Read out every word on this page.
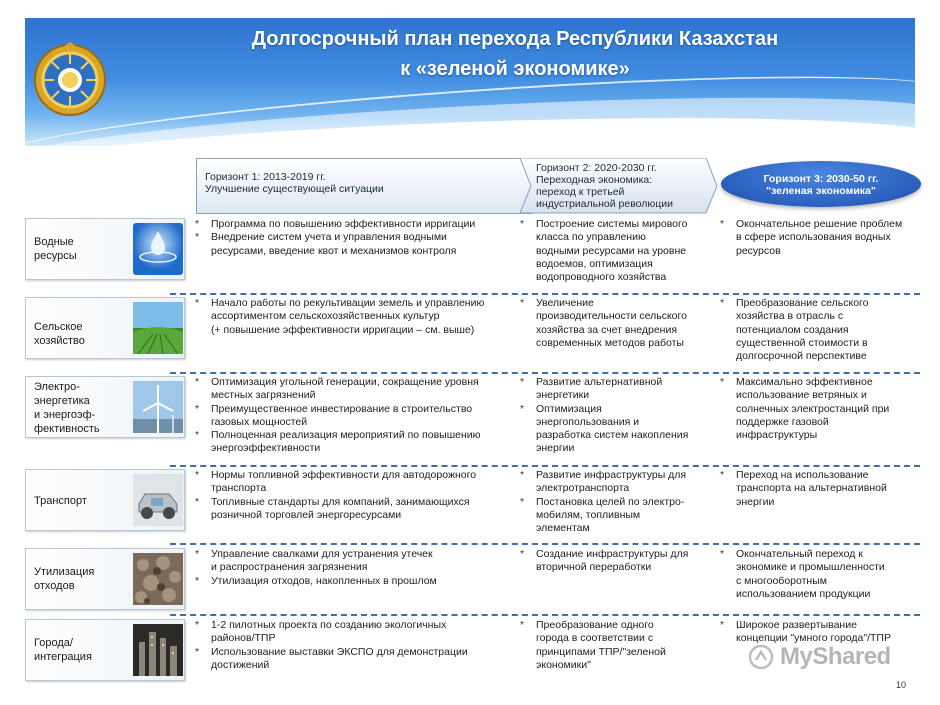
Долгосрочный план перехода Республики Казахстан
к «зеленой экономике»
Горизонт 1: 2013-2019 гг.
Улучшение существующей ситуации
Горизонт 2: 2020-2030 гг.
Переходная экономика:
переход к третьей
индустриальной революции
Горизонт 3: 2030-50 гг.
"зеленая экономика"
Водные
ресурсы
* Программа по повышению эффективности ирригации
* Внедрение систем учета и управления водными
ресурсами, введение квот и механизмов контроля
* Построение системы мирового
класса по управлению
водными ресурсами на уровне
водоемов, оптимизация
водопроводного хозяйства
* Окончательное решение проблем
в сфере использования водных
ресурсов
Сельское
хозяйство
* Начало работы по рекультивации земель и управлению
ассортиментом сельскохозяйственных культур
(+ повышение эффективности ирригации – см. выше)
* Увеличение
производительности сельского
хозяйства за счет внедрения
современных методов работы
* Преобразование сельского
хозяйства в отрасль с
потенциалом создания
существенной стоимости в
долгосрочной перспективе
Электро-
энергетика
и энергоэф-
фективность
* Оптимизация угольной генерации, сокращение уровня
местных загрязнений
* Преимущественное инвестирование в строительство
газовых мощностей
* Полноценная реализация мероприятий по повышению
энергоэффективности
* Развитие альтернативной
энергетики
* Оптимизация
энергопользования и
разработка систем накопления
энергии
* Максимально эффективное
использование ветряных и
солнечных электростанций при
поддержке газовой
инфраструктуры
Транспорт
* Нормы топливной эффективности для автодорожного
транспорта
* Топливные стандарты для компаний, занимающихся
розничной торговлей энергоресурсами
* Развитие инфраструктуры для
электротранспорта
* Постановка целей по электро-
мобилям, топливным
элементам
* Переход на использование
транспорта на альтернативной
энергии
Утилизация
отходов
* Управление свалками для устранения утечек
и распространения загрязнения
* Утилизация отходов, накопленных в прошлом
* Создание инфраструктуры для
вторичной переработки
* Окончательный переход к
экономике и промышленности
с многооборотным
использованием продукции
Города/
интеграция
* 1-2 пилотных проекта по созданию экологичных
районов/ТПР
* Использование выставки ЭКСПО для демонстрации
достижений
* Преобразование одного
города в соответствии с
принципами ТПР/"зеленой
экономики"
* Широкое развертывание
концепции "умного города"/ТПР
MyShared
10
